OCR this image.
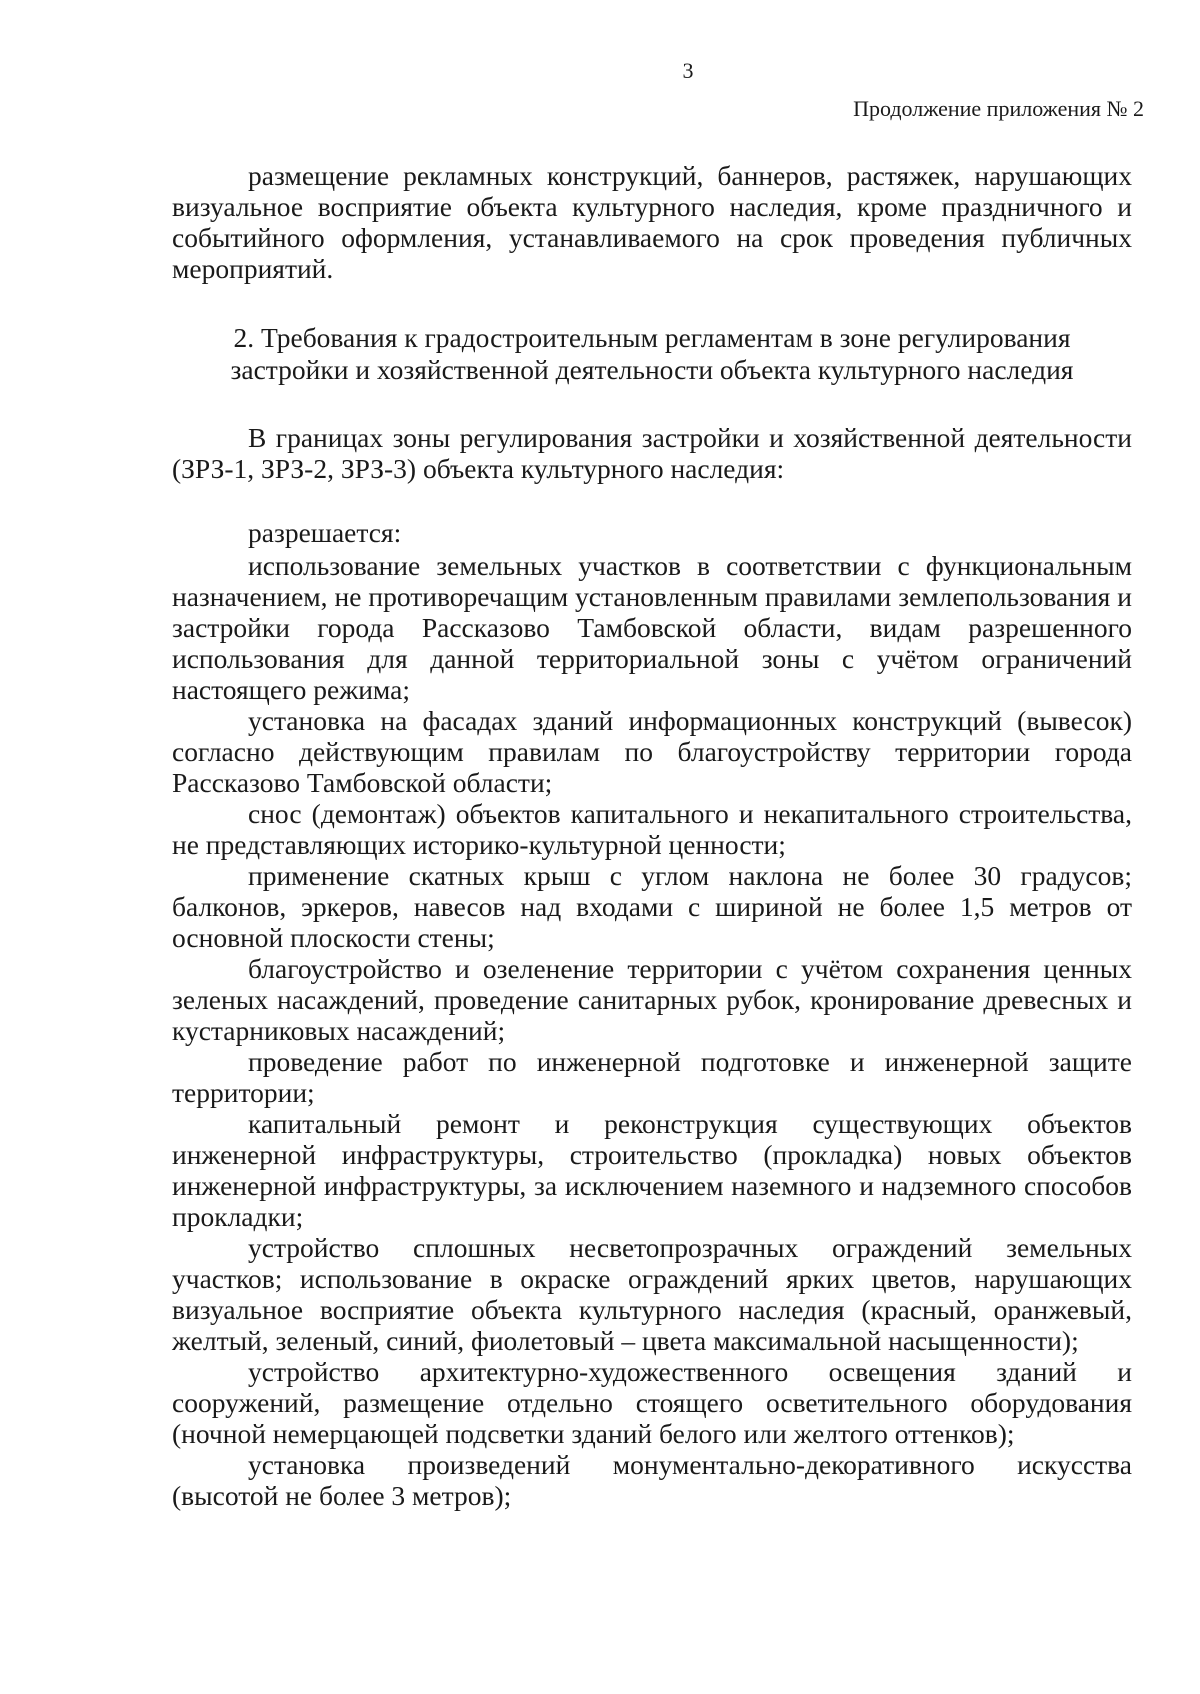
3
Продолжение приложения № 2

размещение рекламных конструкций, баннеров, растяжек, нарушающих визуальное восприятие объекта культурного наследия, кроме праздничного и событийного оформления, устанавливаемого на срок проведения публичных мероприятий.

2. Требования к градостроительным регламентам в зоне регулирования застройки и хозяйственной деятельности объекта культурного наследия

В границах зоны регулирования застройки и хозяйственной деятельности (ЗРЗ-1, ЗРЗ-2, ЗРЗ-3) объекта культурного наследия:

разрешается:

использование земельных участков в соответствии с функциональным назначением, не противоречащим установленным правилами землепользования и застройки города Рассказово Тамбовской области, видам разрешенного использования для данной территориальной зоны с учётом ограничений настоящего режима;

установка на фасадах зданий информационных конструкций (вывесок) согласно действующим правилам по благоустройству территории города Рассказово Тамбовской области;

снос (демонтаж) объектов капитального и некапитального строительства, не представляющих историко-культурной ценности;

применение скатных крыш с углом наклона не более 30 градусов; балконов, эркеров, навесов над входами с шириной не более 1,5 метров от основной плоскости стены;

благоустройство и озеленение территории с учётом сохранения ценных зеленых насаждений, проведение санитарных рубок, кронирование древесных и кустарниковых насаждений;

проведение работ по инженерной подготовке и инженерной защите территории;

капитальный ремонт и реконструкция существующих объектов инженерной инфраструктуры, строительство (прокладка) новых объектов инженерной инфраструктуры, за исключением наземного и надземного способов прокладки;

устройство сплошных несветопрозрачных ограждений земельных участков; использование в окраске ограждений ярких цветов, нарушающих визуальное восприятие объекта культурного наследия (красный, оранжевый, желтый, зеленый, синий, фиолетовый – цвета максимальной насыщенности);

устройство архитектурно-художественного освещения зданий и сооружений, размещение отдельно стоящего осветительного оборудования (ночной немерцающей подсветки зданий белого или желтого оттенков);

установка произведений монументально-декоративного искусства (высотой не более 3 метров);
